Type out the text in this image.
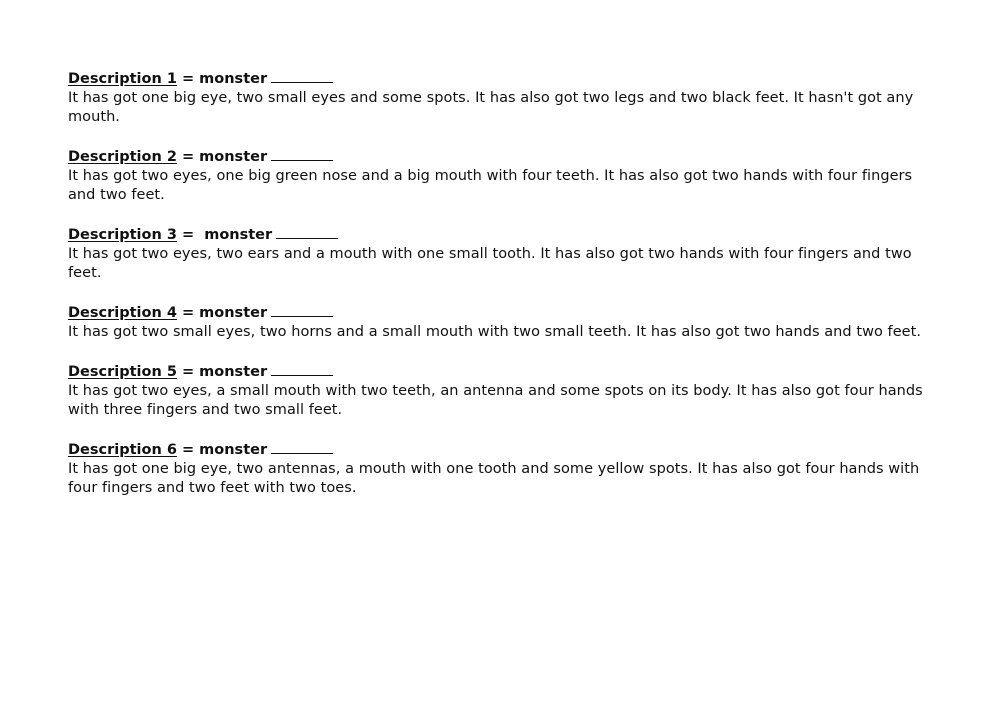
Description 1 = monster
It has got one big eye, two small eyes and some spots. It has also got two legs and two black feet. It hasn't got any mouth.
Description 2 = monster
It has got two eyes, one big green nose and a big mouth with four teeth. It has also got two hands with four fingers and two feet.
Description 3 =  monster
It has got two eyes, two ears and a mouth with one small tooth. It has also got two hands with four fingers and two feet.
Description 4 = monster
It has got two small eyes, two horns and a small mouth with two small teeth. It has also got two hands and two feet.
Description 5 = monster
It has got two eyes, a small mouth with two teeth, an antenna and some spots on its body. It has also got four hands with three fingers and two small feet.
Description 6 = monster
It has got one big eye, two antennas, a mouth with one tooth and some yellow spots. It has also got four hands with four fingers and two feet with two toes.
